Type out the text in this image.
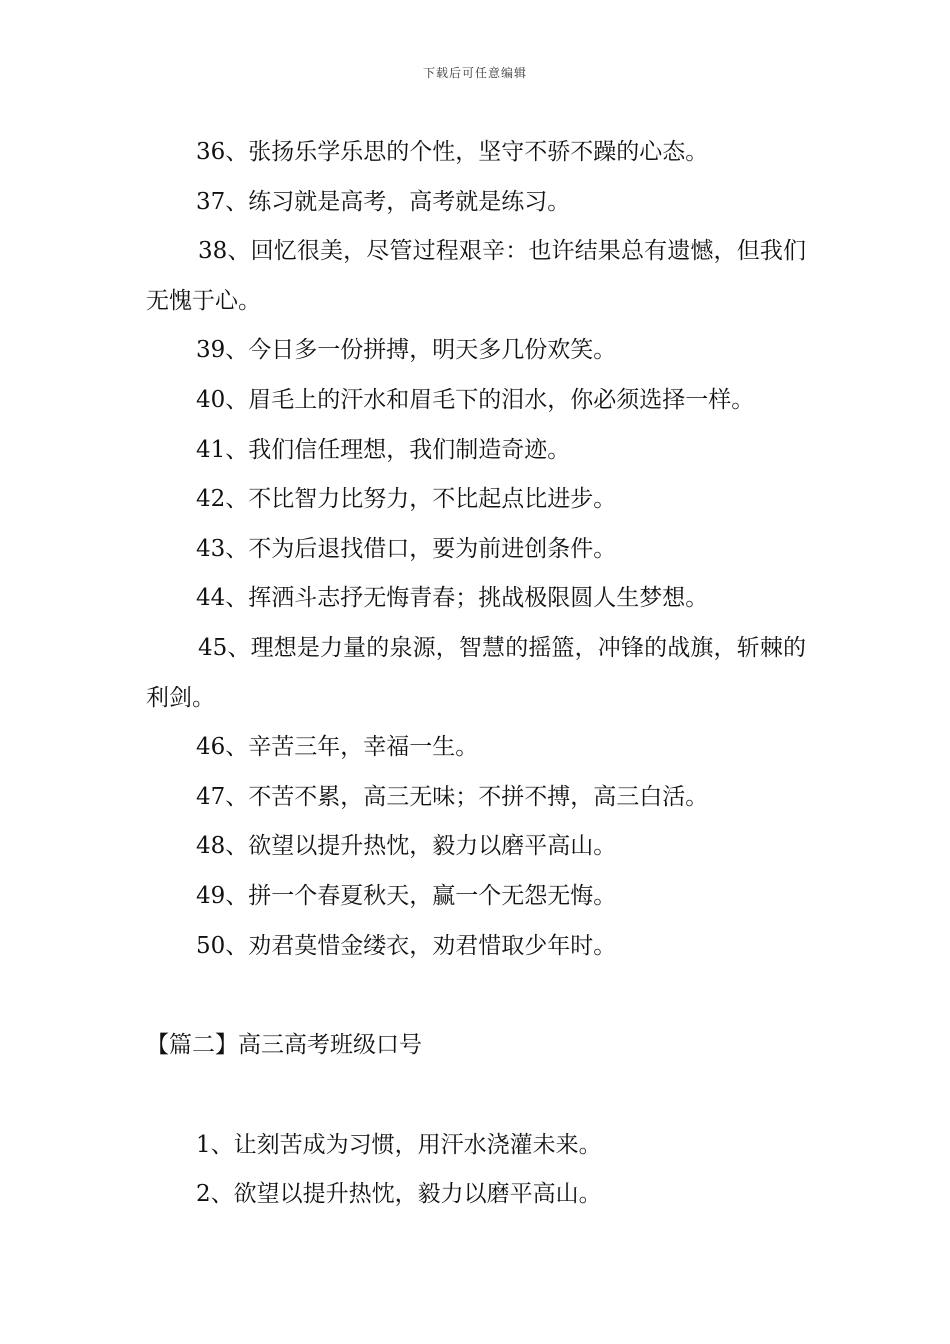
下载后可任意编辑

36、张扬乐学乐思的个性，坚守不骄不躁的心态。

37、练习就是高考，高考就是练习。

38、回忆很美，尽管过程艰辛：也许结果总有遗憾，但我们无愧于心。

39、今日多一份拼搏，明天多几份欢笑。

40、眉毛上的汗水和眉毛下的泪水，你必须选择一样。

41、我们信任理想，我们制造奇迹。

42、不比智力比努力，不比起点比进步。

43、不为后退找借口，要为前进创条件。

44、挥洒斗志抒无悔青春；挑战极限圆人生梦想。

45、理想是力量的泉源，智慧的摇篮，冲锋的战旗，斩棘的利剑。

46、辛苦三年，幸福一生。

47、不苦不累，高三无味；不拼不搏，高三白活。

48、欲望以提升热忱，毅力以磨平高山。

49、拼一个春夏秋天，赢一个无怨无悔。

50、劝君莫惜金缕衣，劝君惜取少年时。

【篇二】高三高考班级口号

1、让刻苦成为习惯，用汗水浇灌未来。

2、欲望以提升热忱，毅力以磨平高山。
